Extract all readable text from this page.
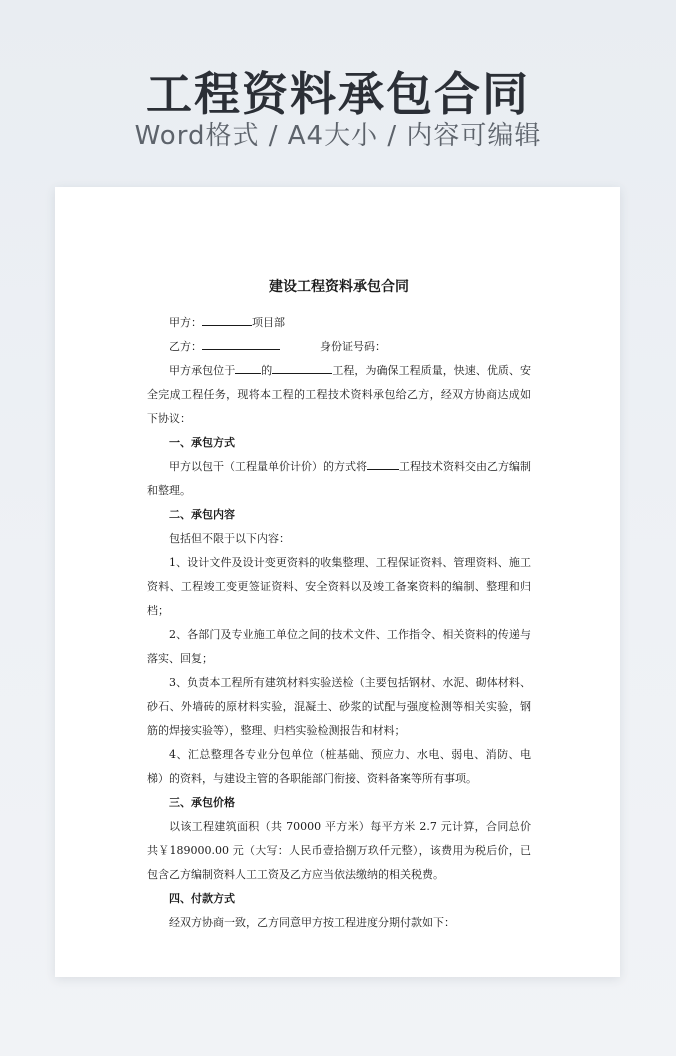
工程资料承包合同
Word格式 / A4大小 / 内容可编辑
建设工程资料承包合同

甲方：	项目部

乙方：	身份证号码：

甲方承包位于 的	工程，为确保工程质量，快速、优质、安全完成工程任务，现将本工程的工程技术资料承包给乙方，经双方协商达成如下协议：

一、承包方式

甲方以包干（工程量单价计价）的方式将	工程技术资料交由乙方编制和整理。

二、承包内容

包括但不限于以下内容：

1、设计文件及设计变更资料的收集整理、工程保证资料、管理资料、施工资料、工程竣工变更签证资料、安全资料以及竣工备案资料的编制、整理和归档；

2、各部门及专业施工单位之间的技术文件、工作指令、相关资料的传递与落实、回复；

3、负责本工程所有建筑材料实验送检（主要包括钢材、水泥、砌体材料、砂石、外墙砖的原材料实验，混凝土、砂浆的试配与强度检测等相关实验，钢筋的焊接实验等），整理、归档实验检测报告和材料；

4、汇总整理各专业分包单位（桩基础、预应力、水电、弱电、消防、电梯）的资料，与建设主管的各职能部门衔接、资料备案等所有事项。

三、承包价格

以该工程建筑面积（共 70000 平方米）每平方米 2.7 元计算，合同总价共￥189000.00 元（大写：人民币壹拾捌万玖仟元整），该费用为税后价，已包含乙方编制资料人工工资及乙方应当依法缴纳的相关税费。

四、付款方式

经双方协商一致，乙方同意甲方按工程进度分期付款如下：
